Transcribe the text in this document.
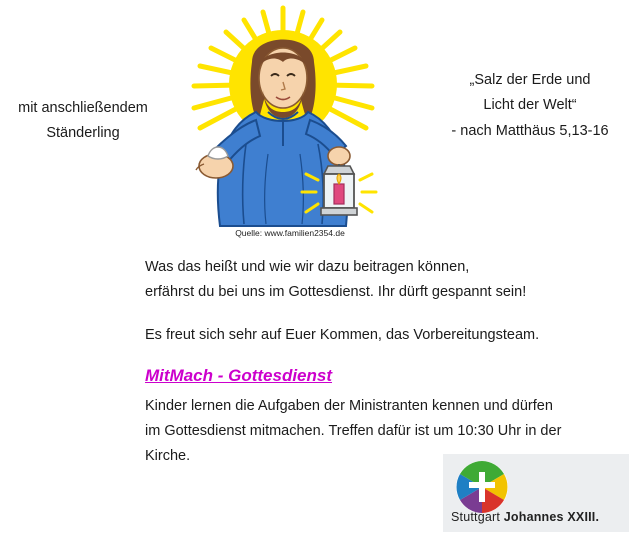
mit anschließendem Ständerling
Quelle: www.familien2354.de
„Salz der Erde und
Licht der Welt“
- nach Matthäus 5,13-16

Was das heißt und wie wir dazu beitragen können,
erfährst du bei uns im Gottesdienst. Ihr dürft gespannt sein!

Es freut sich sehr auf Euer Kommen, das Vorbereitungsteam.

MitMach - Gottesdienst

Kinder lernen die Aufgaben der Ministranten kennen und dürfen
im Gottesdienst mitmachen. Treffen dafür ist um 10:30 Uhr in der
Kirche.

Stuttgart Johannes XXIII.
